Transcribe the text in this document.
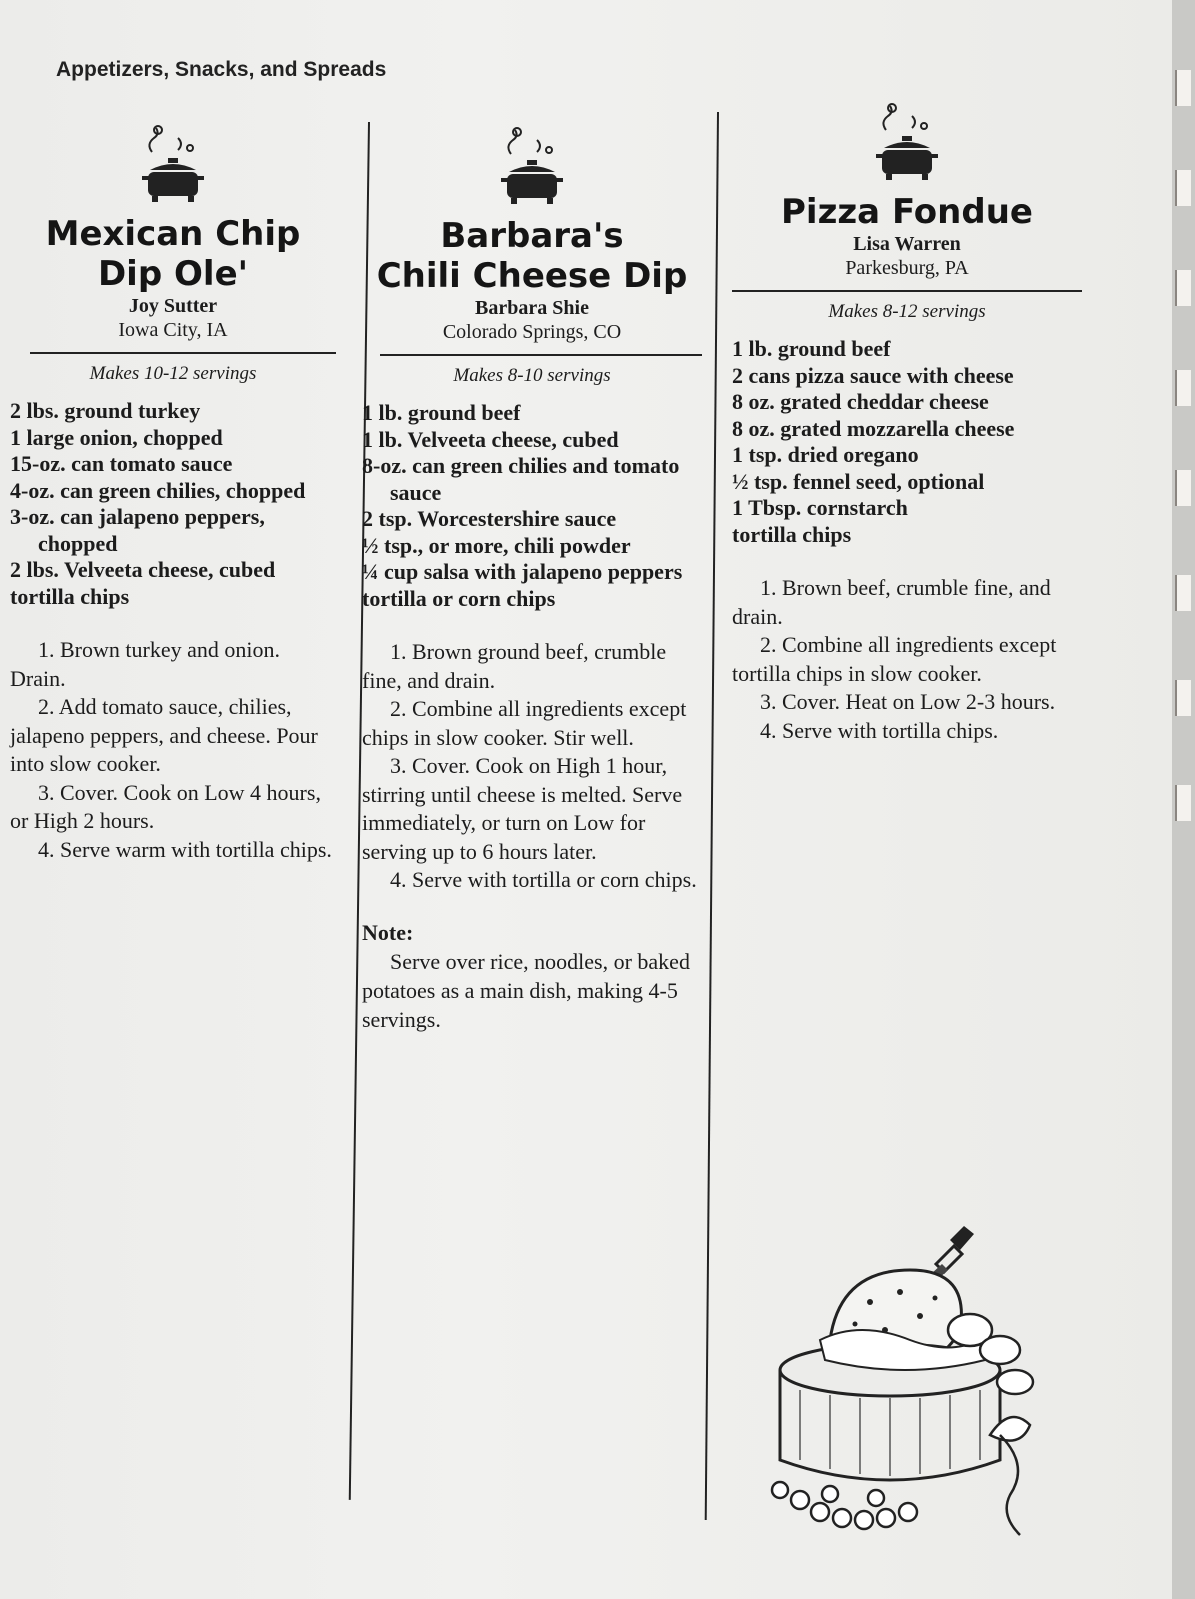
Appetizers, Snacks, and Spreads
Mexican Chip
Dip Ole'
Joy Sutter
Iowa City, IA
Makes 10-12 servings
2 lbs. ground turkey
1 large onion, chopped
15-oz. can tomato sauce
4-oz. can green chilies, chopped
3-oz. can jalapeno peppers, chopped
2 lbs. Velveeta cheese, cubed
tortilla chips
1. Brown turkey and onion. Drain.
2. Add tomato sauce, chilies, jalapeno peppers, and cheese. Pour into slow cooker.
3. Cover. Cook on Low 4 hours, or High 2 hours.
4. Serve warm with tortilla chips.
Barbara's
Chili Cheese Dip
Barbara Shie
Colorado Springs, CO
Makes 8-10 servings
1 lb. ground beef
1 lb. Velveeta cheese, cubed
8-oz. can green chilies and tomato sauce
2 tsp. Worcestershire sauce
½ tsp., or more, chili powder
¼ cup salsa with jalapeno peppers
tortilla or corn chips
1. Brown ground beef, crumble fine, and drain.
2. Combine all ingredients except chips in slow cooker. Stir well.
3. Cover. Cook on High 1 hour, stirring until cheese is melted. Serve immediately, or turn on Low for serving up to 6 hours later.
4. Serve with tortilla or corn chips.
Note:
Serve over rice, noodles, or baked potatoes as a main dish, making 4-5 servings.
Pizza Fondue
Lisa Warren
Parkesburg, PA
Makes 8-12 servings
1 lb. ground beef
2 cans pizza sauce with cheese
8 oz. grated cheddar cheese
8 oz. grated mozzarella cheese
1 tsp. dried oregano
½ tsp. fennel seed, optional
1 Tbsp. cornstarch
tortilla chips
1. Brown beef, crumble fine, and drain.
2. Combine all ingredients except tortilla chips in slow cooker.
3. Cover. Heat on Low 2-3 hours.
4. Serve with tortilla chips.
